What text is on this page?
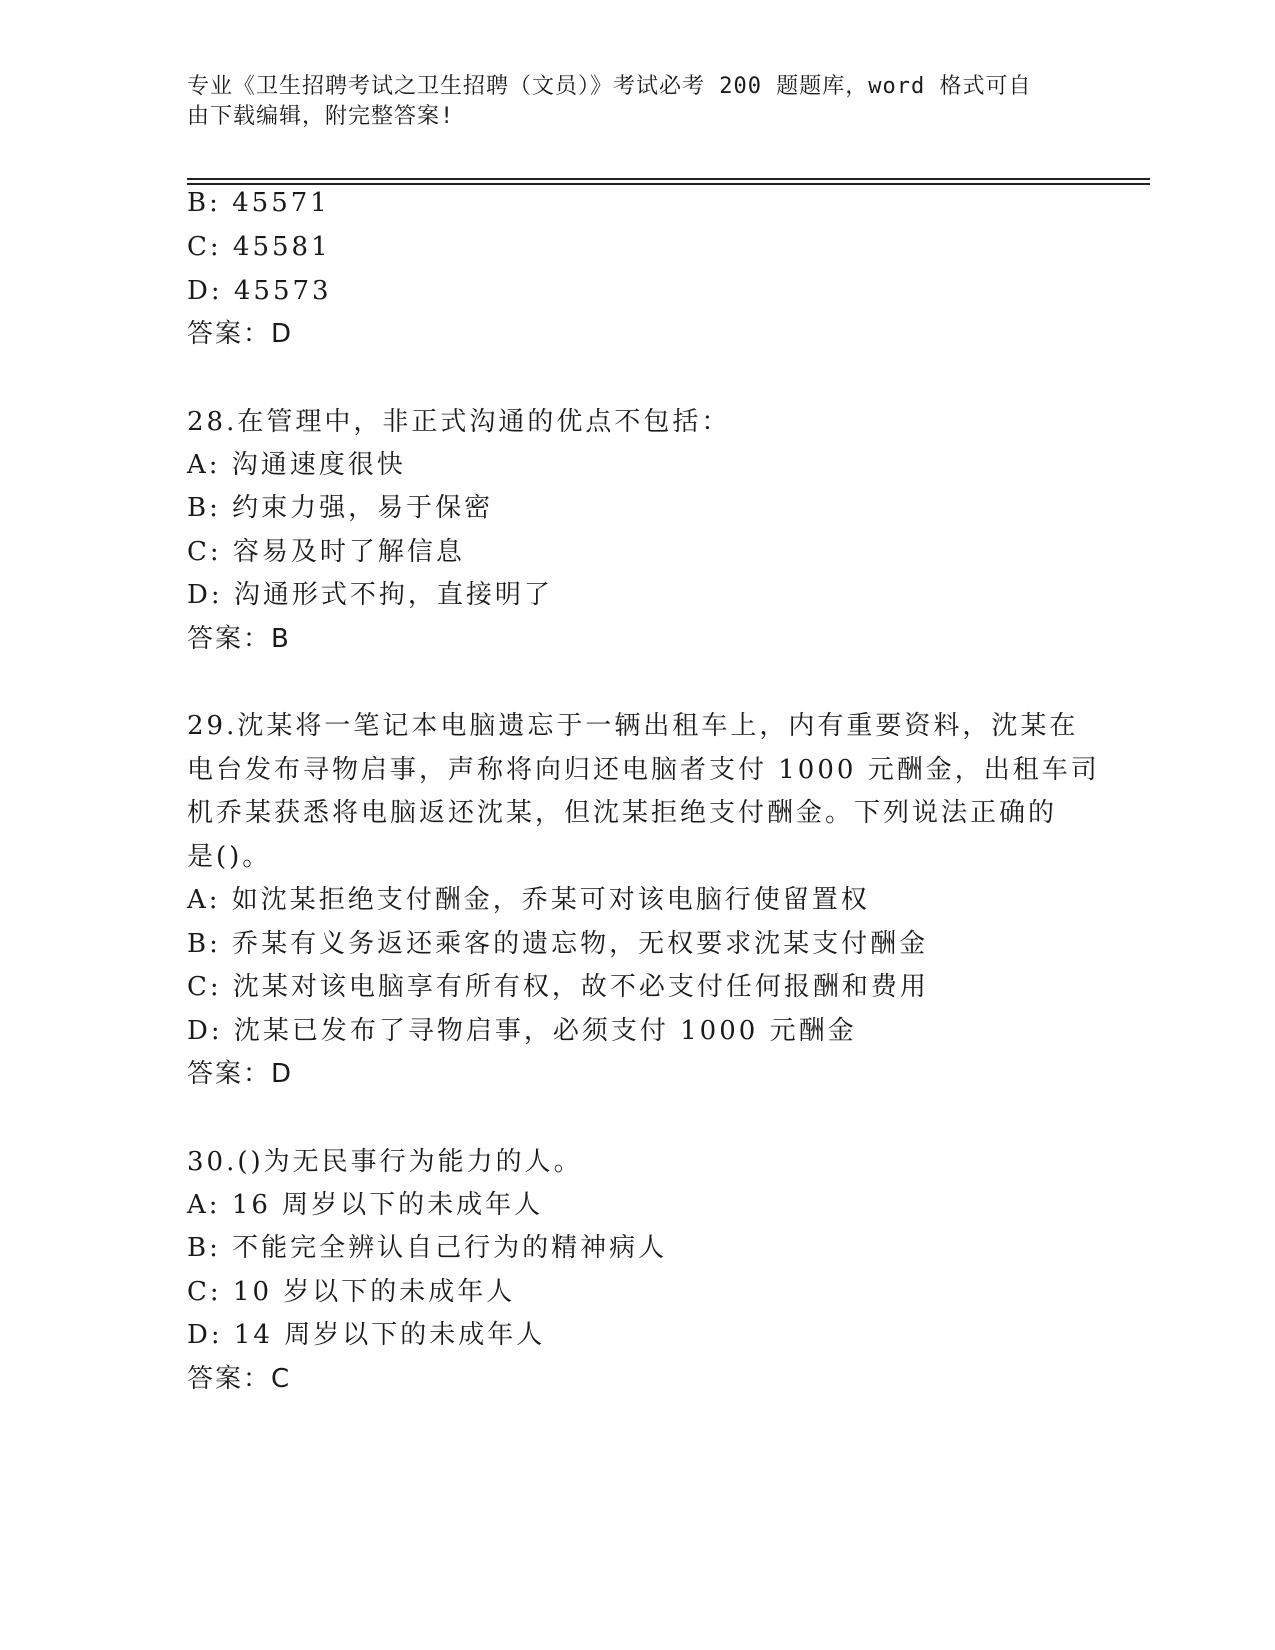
专业《卫生招聘考试之卫生招聘（文员）》考试必考 200 题题库，word 格式可自
由下载编辑，附完整答案!
B: 45571
C: 45581
D: 45573
答案：D
28.在管理中，非正式沟通的优点不包括：
A: 沟通速度很快
B: 约束力强，易于保密
C: 容易及时了解信息
D: 沟通形式不拘，直接明了
答案：B
29.沈某将一笔记本电脑遗忘于一辆出租车上，内有重要资料，沈某在
电台发布寻物启事，声称将向归还电脑者支付 1000 元酬金，出租车司
机乔某获悉将电脑返还沈某，但沈某拒绝支付酬金。下列说法正确的
是()。
A: 如沈某拒绝支付酬金，乔某可对该电脑行使留置权
B: 乔某有义务返还乘客的遗忘物，无权要求沈某支付酬金
C: 沈某对该电脑享有所有权，故不必支付任何报酬和费用
D: 沈某已发布了寻物启事，必须支付 1000 元酬金
答案：D
30.()为无民事行为能力的人。
A: 16 周岁以下的未成年人
B: 不能完全辨认自己行为的精神病人
C: 10 岁以下的未成年人
D: 14 周岁以下的未成年人
答案：C
